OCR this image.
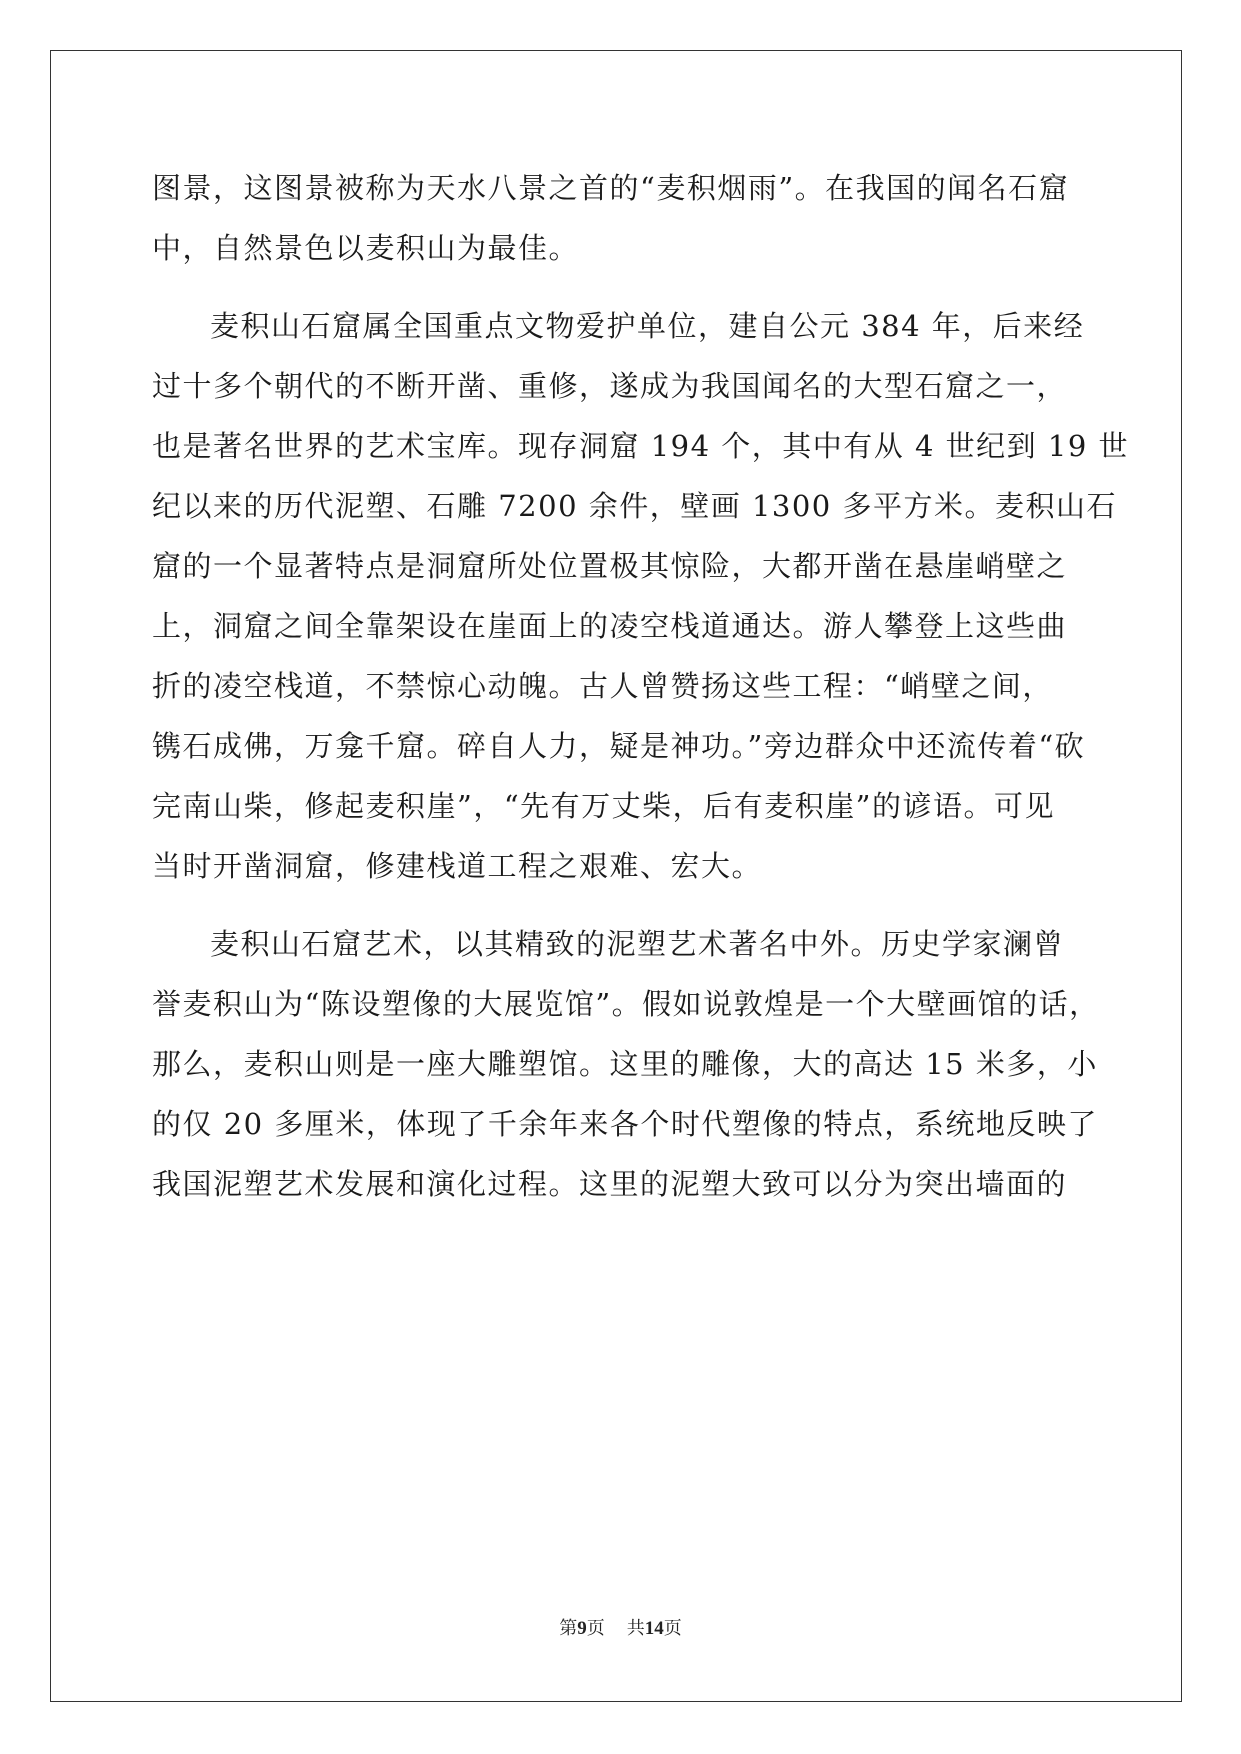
图景，这图景被称为天水八景之首的“麦积烟雨”。在我国的闻名石窟
中，自然景色以麦积山为最佳。
麦积山石窟属全国重点文物爱护单位，建自公元 384 年，后来经
过十多个朝代的不断开凿、重修，遂成为我国闻名的大型石窟之一，
也是著名世界的艺术宝库。现存洞窟 194 个，其中有从 4 世纪到 19 世
纪以来的历代泥塑、石雕 7200 余件，壁画 1300 多平方米。麦积山石
窟的一个显著特点是洞窟所处位置极其惊险，大都开凿在悬崖峭壁之
上，洞窟之间全靠架设在崖面上的凌空栈道通达。游人攀登上这些曲
折的凌空栈道，不禁惊心动魄。古人曾赞扬这些工程：“峭壁之间，
镌石成佛，万龛千窟。碎自人力，疑是神功。”旁边群众中还流传着“砍
完南山柴，修起麦积崖”，“先有万丈柴，后有麦积崖”的谚语。可见
当时开凿洞窟，修建栈道工程之艰难、宏大。
麦积山石窟艺术，以其精致的泥塑艺术著名中外。历史学家澜曾
誉麦积山为“陈设塑像的大展览馆”。假如说敦煌是一个大壁画馆的话，
那么，麦积山则是一座大雕塑馆。这里的雕像，大的高达 15 米多，小
的仅 20 多厘米，体现了千余年来各个时代塑像的特点，系统地反映了
我国泥塑艺术发展和演化过程。这里的泥塑大致可以分为突出墙面的
第9页 共14页
